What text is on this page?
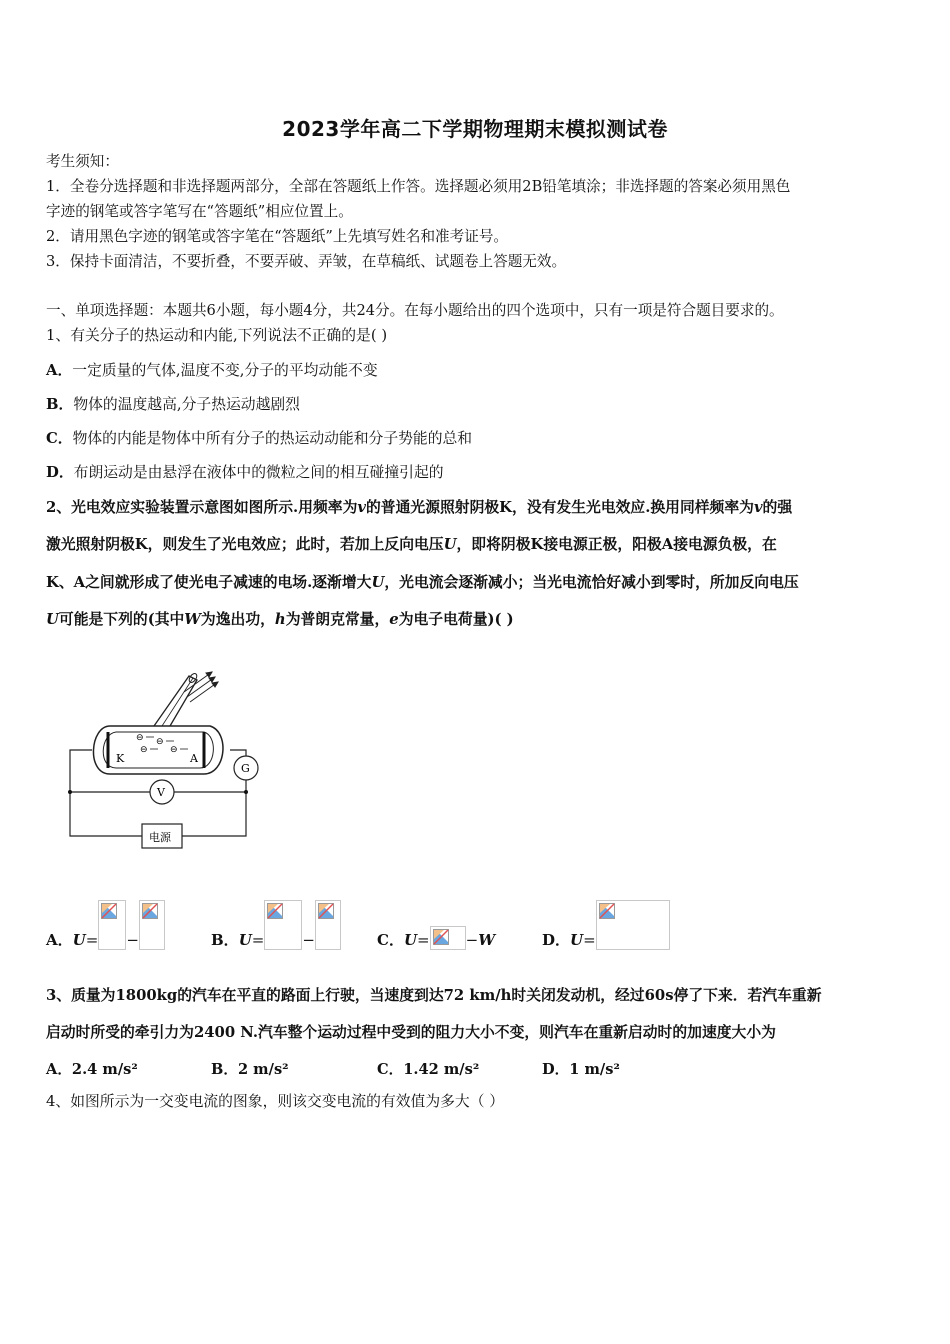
2023学年高二下学期物理期末模拟测试卷
考生须知：
1．全卷分选择题和非选择题两部分，全部在答题纸上作答。选择题必须用2B铅笔填涂；非选择题的答案必须用黑色
字迹的钢笔或答字笔写在“答题纸”相应位置上。
2．请用黑色字迹的钢笔或答字笔在“答题纸”上先填写姓名和准考证号。
3．保持卡面清洁，不要折叠，不要弄破、弄皱，在草稿纸、试题卷上答题无效。
一、单项选择题：本题共6小题，每小题4分，共24分。在每小题给出的四个选项中，只有一项是符合题目要求的。
1、有关分子的热运动和内能,下列说法不正确的是( )
A．一定质量的气体,温度不变,分子的平均动能不变
B．物体的温度越高,分子热运动越剧烈
C．物体的内能是物体中所有分子的热运动动能和分子势能的总和
D．布朗运动是由悬浮在液体中的微粒之间的相互碰撞引起的
2、光电效应实验装置示意图如图所示.用频率为v的普通光源照射阴极K，没有发生光电效应.换用同样频率为v的强
激光照射阴极K，则发生了光电效应；此时，若加上反向电压U，即将阴极K接电源正极，阳极A接电源负极，在
K、A之间就形成了使光电子减速的电场.逐渐增大U，光电流会逐渐减小；当光电流恰好减小到零时，所加反向电压
U可能是下列的(其中W为逸出功，h为普朗克常量，e为电子电荷量)( )
K	A
⊖ ⊖
⊖ ⊖
G
V
电源
A．U= −	B．U=	−	C．U= −W	D．U=
3、质量为1800kg的汽车在平直的路面上行驶，当速度到达72 km/h时关闭发动机，经过60s停了下来．若汽车重新
启动时所受的牵引力为2400 N.汽车整个运动过程中受到的阻力大小不变，则汽车在重新启动时的加速度大小为
A．2.4 m/s²	B．2 m/s²	C．1.42 m/s²	D．1 m/s²
4、如图所示为一交变电流的图象，则该交变电流的有效值为多大（ ）
